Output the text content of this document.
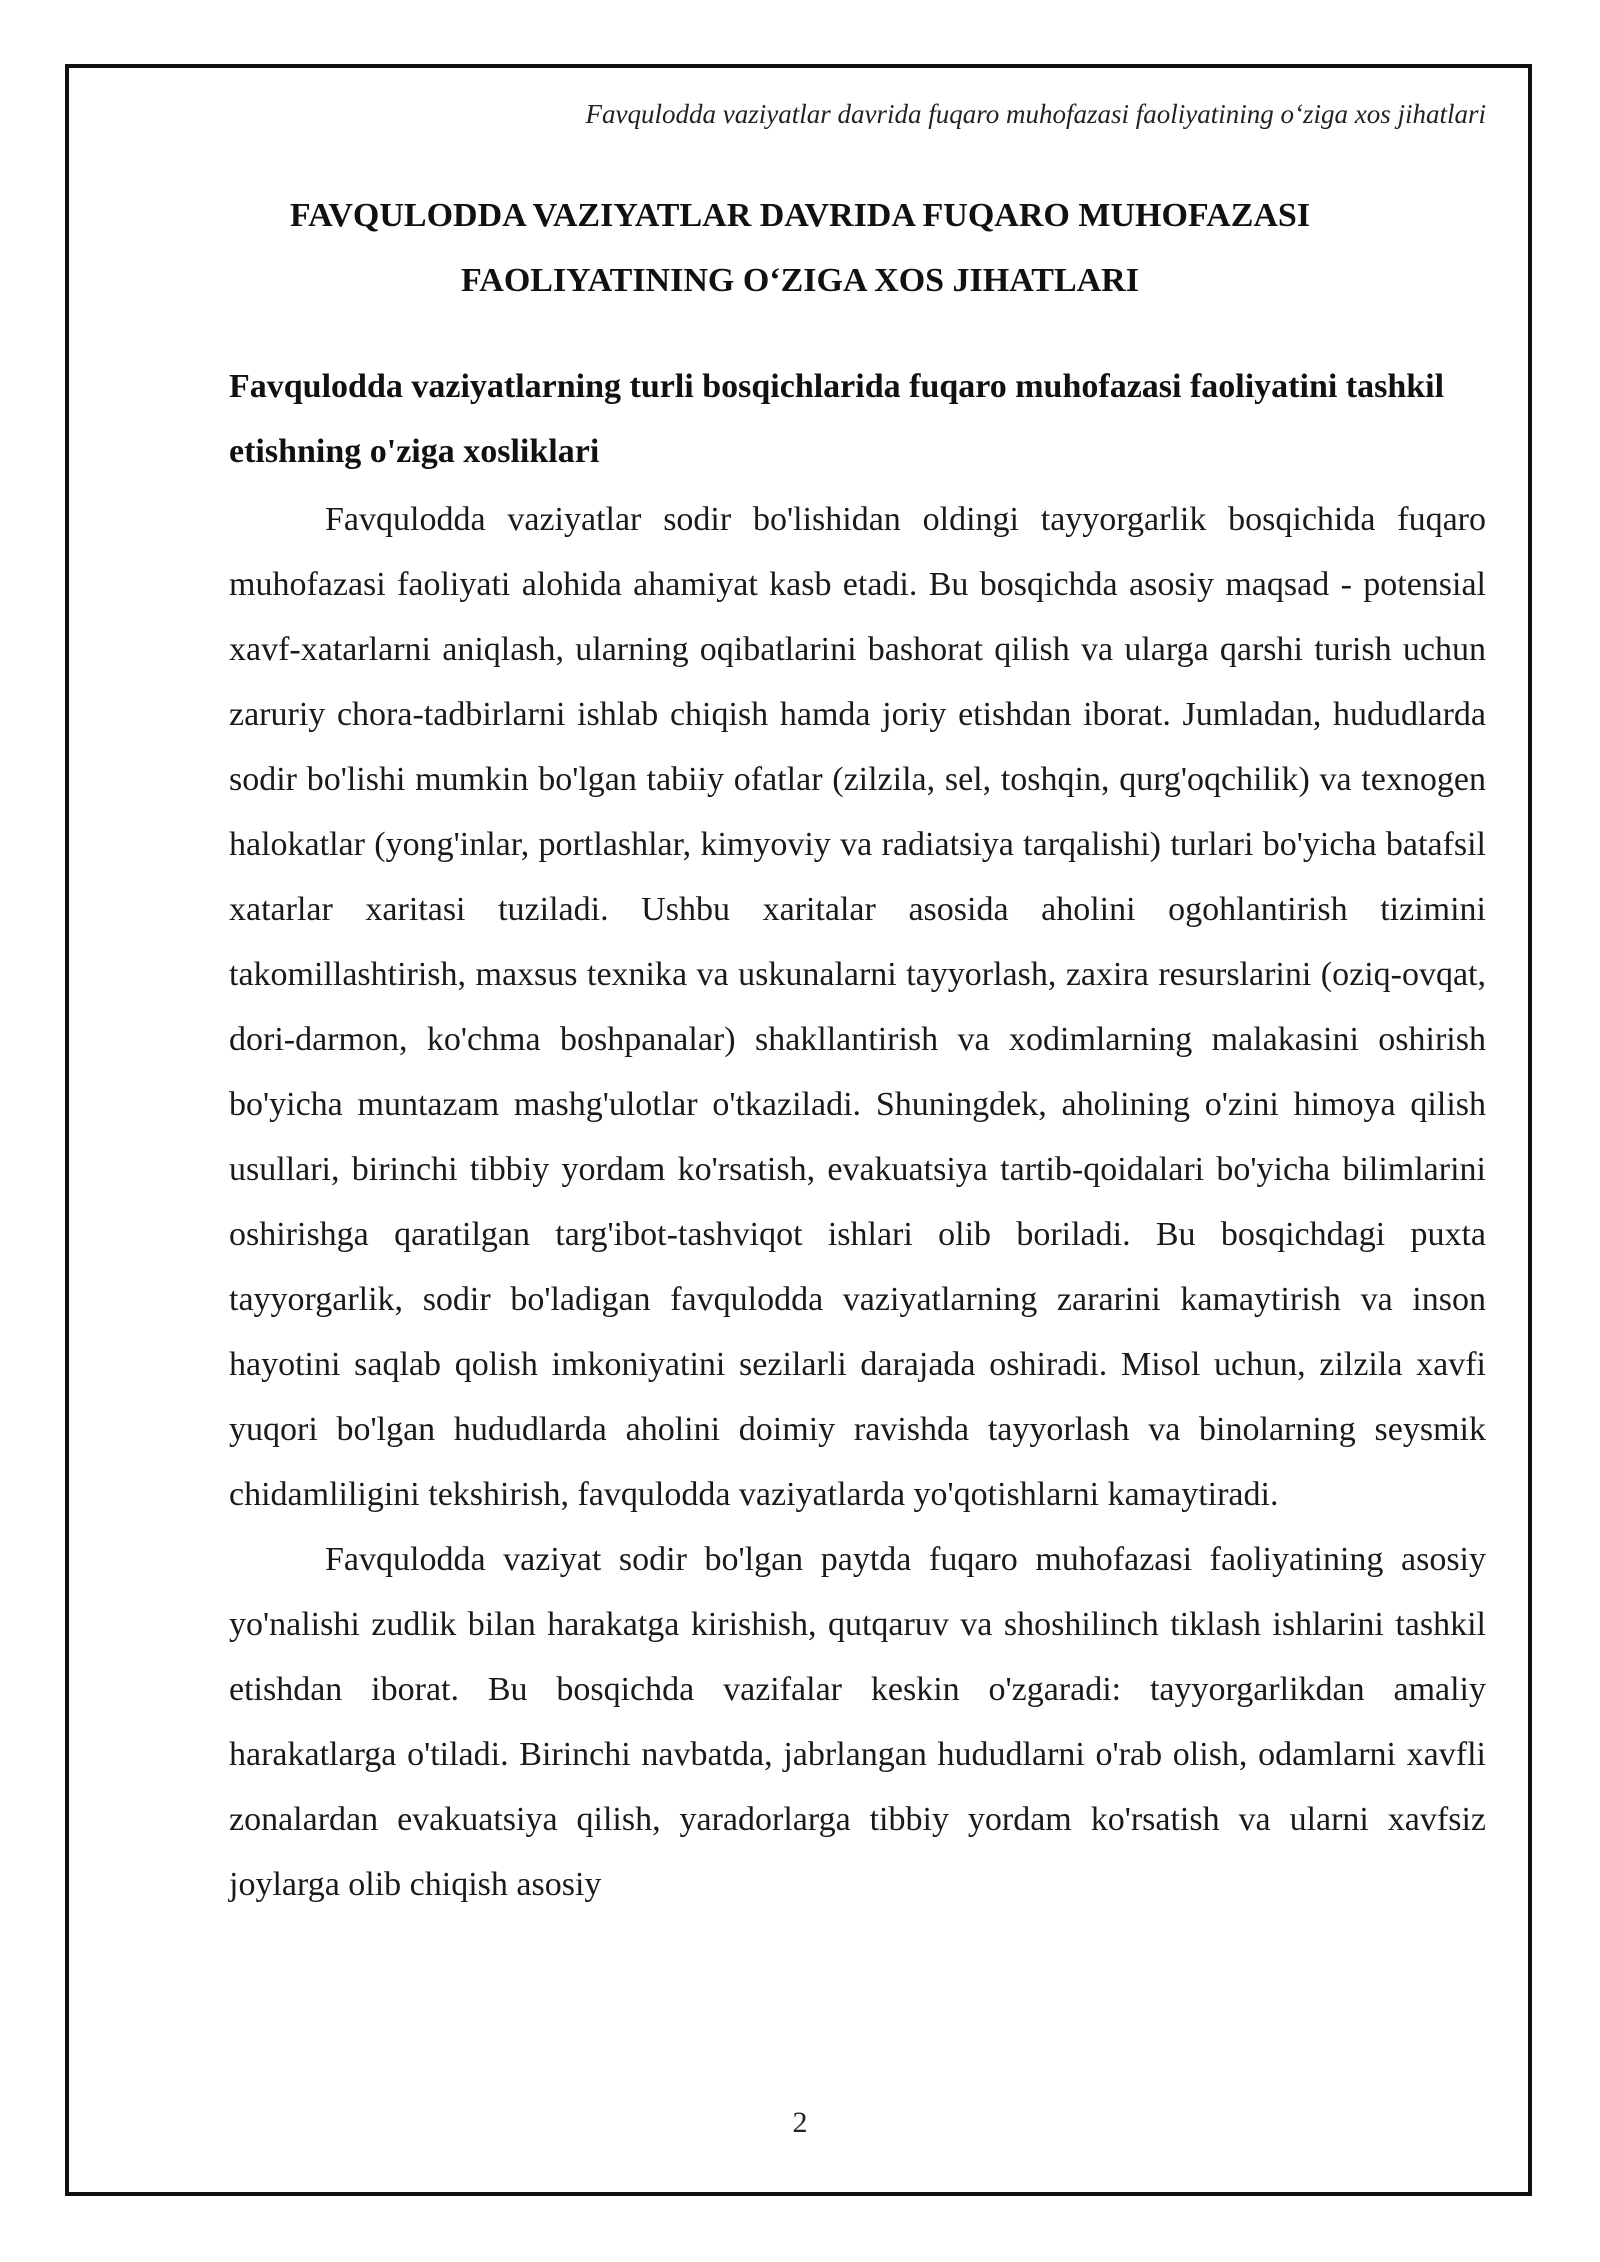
Favqulodda vaziyatlar davrida fuqaro muhofazasi faoliyatining o‘ziga xos jihatlari
FAVQULODDA VAZIYATLAR DAVRIDA FUQARO MUHOFAZASI
FAOLIYATINING O‘ZIGA XOS JIHATLARI
Favqulodda vaziyatlarning turli bosqichlarida fuqaro muhofazasi faoliyatini tashkil etishning o'ziga xosliklari

Favqulodda vaziyatlar sodir bo'lishidan oldingi tayyorgarlik bosqichida fuqaro muhofazasi faoliyati alohida ahamiyat kasb etadi. Bu bosqichda asosiy maqsad - potensial xavf-xatarlarni aniqlash, ularning oqibatlarini bashorat qilish va ularga qarshi turish uchun zaruriy chora-tadbirlarni ishlab chiqish hamda joriy etishdan iborat. Jumladan, hududlarda sodir bo'lishi mumkin bo'lgan tabiiy ofatlar (zilzila, sel, toshqin, qurg'oqchilik) va texnogen halokatlar (yong'inlar, portlashlar, kimyoviy va radiatsiya tarqalishi) turlari bo'yicha batafsil xatarlar xaritasi tuziladi. Ushbu xaritalar asosida aholini ogohlantirish tizimini takomillashtirish, maxsus texnika va uskunalarni tayyorlash, zaxira resurslarini (oziq-ovqat, dori-darmon, ko'chma boshpanalar) shakllantirish va xodimlarning malakasini oshirish bo'yicha muntazam mashg'ulotlar o'tkaziladi. Shuningdek, aholining o'zini himoya qilish usullari, birinchi tibbiy yordam ko'rsatish, evakuatsiya tartib-qoidalari bo'yicha bilimlarini oshirishga qaratilgan targ'ibot-tashviqot ishlari olib boriladi. Bu bosqichdagi puxta tayyorgarlik, sodir bo'ladigan favqulodda vaziyatlarning zararini kamaytirish va inson hayotini saqlab qolish imkoniyatini sezilarli darajada oshiradi. Misol uchun, zilzila xavfi yuqori bo'lgan hududlarda aholini doimiy ravishda tayyorlash va binolarning seysmik chidamliligini tekshirish, favqulodda vaziyatlarda yo'qotishlarni kamaytiradi.

Favqulodda vaziyat sodir bo'lgan paytda fuqaro muhofazasi faoliyatining asosiy yo'nalishi zudlik bilan harakatga kirishish, qutqaruv va shoshilinch tiklash ishlarini tashkil etishdan iborat. Bu bosqichda vazifalar keskin o'zgaradi: tayyorgarlikdan amaliy harakatlarga o'tiladi. Birinchi navbatda, jabrlangan hududlarni o'rab olish, odamlarni xavfli zonalardan evakuatsiya qilish, yaradorlarga tibbiy yordam ko'rsatish va ularni xavfsiz joylarga olib chiqish asosiy

2
